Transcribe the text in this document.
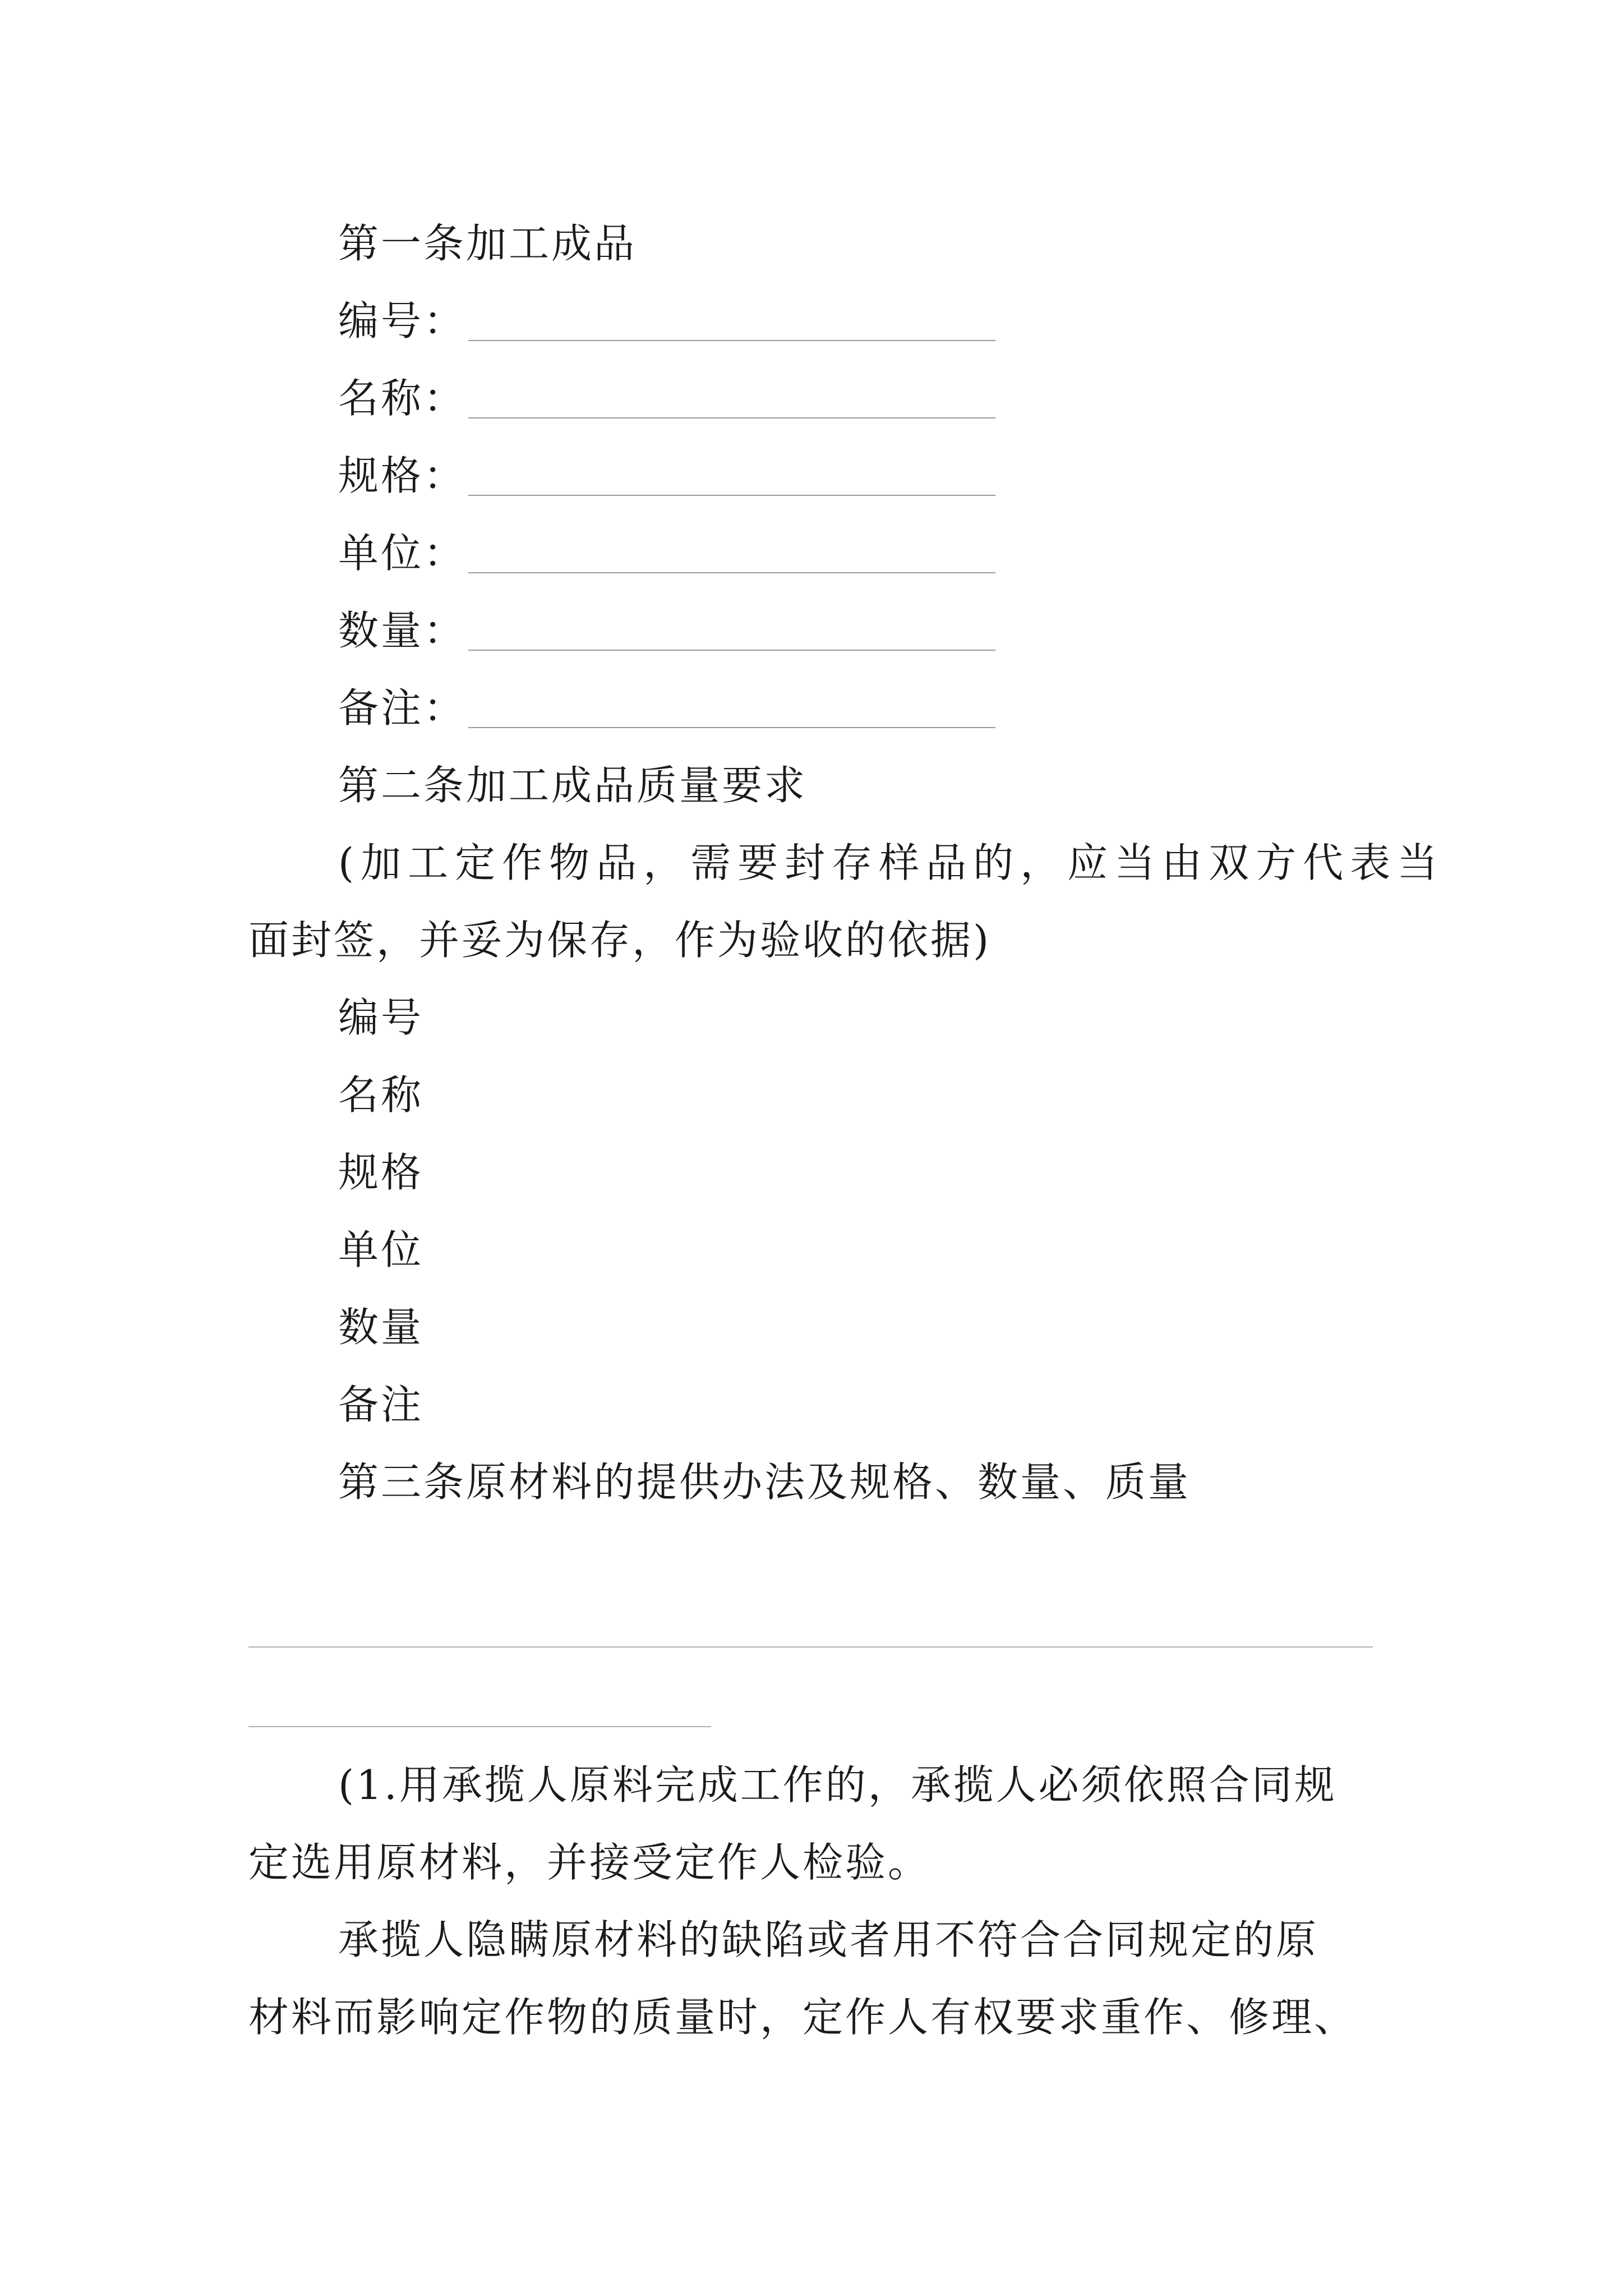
第一条加工成品
编号：
名称：
规格：
单位：
数量：
备注：
第二条加工成品质量要求
(加工定作物品，需要封存样品的，应当由双方代表当
面封签，并妥为保存，作为验收的依据)
编号
名称
规格
单位
数量
备注
第三条原材料的提供办法及规格、数量、质量
(1.用承揽人原料完成工作的，承揽人必须依照合同规
定选用原材料，并接受定作人检验。
承揽人隐瞒原材料的缺陷或者用不符合合同规定的原
材料而影响定作物的质量时，定作人有权要求重作、修理、
